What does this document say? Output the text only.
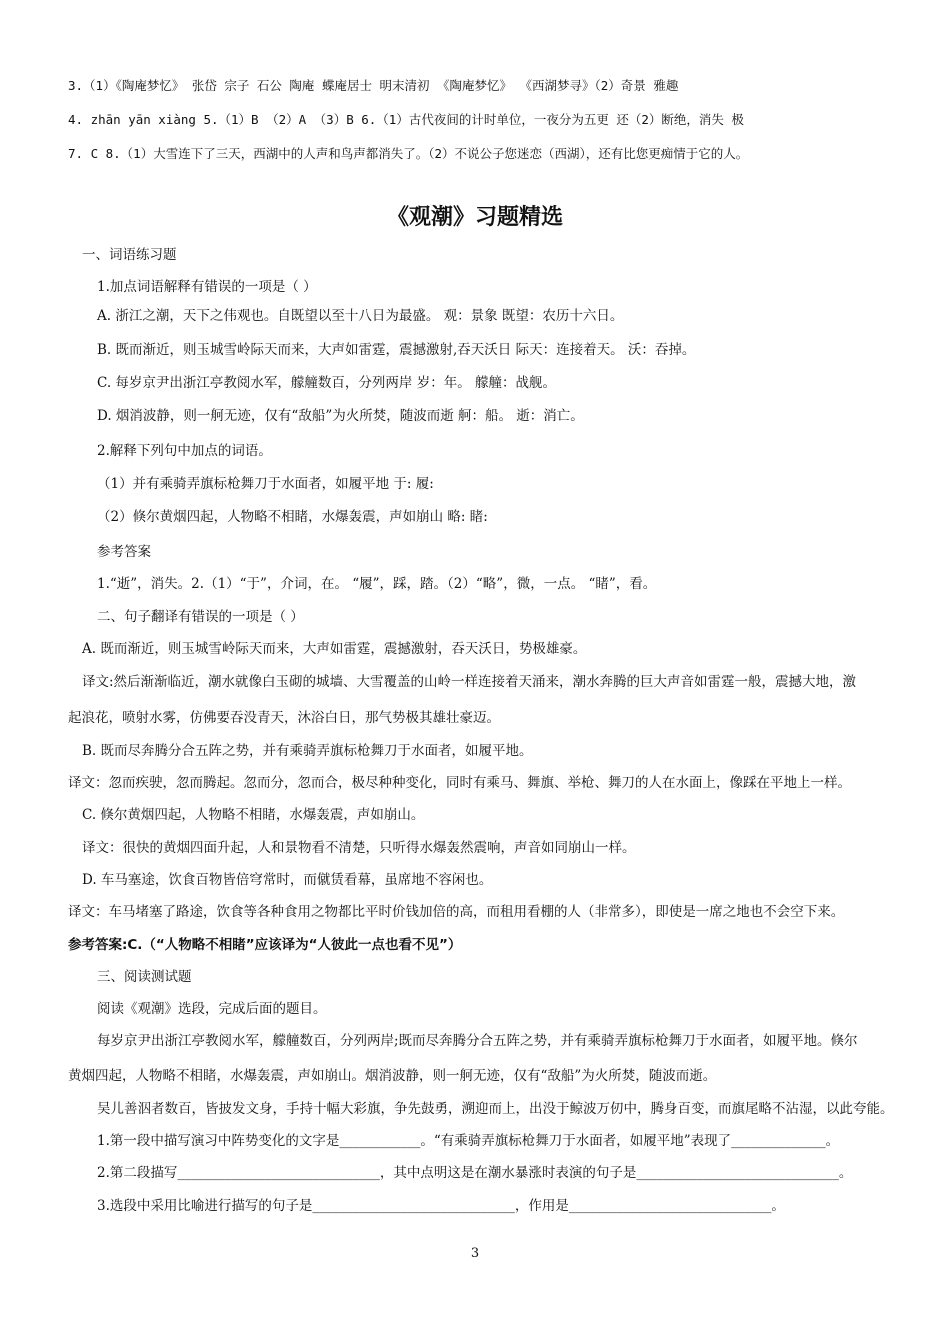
3.（1）《陶庵梦忆》 张岱 宗子 石公 陶庵 蝶庵居士 明末清初 《陶庵梦忆》 《西湖梦寻》（2）奇景 雅趣
4. zhān yān xiàng 5.（1）B （2）A （3）B 6.（1）古代夜间的计时单位，一夜分为五更 还（2）断绝，消失 极
7. C 8.（1）大雪连下了三天，西湖中的人声和鸟声都消失了。（2）不说公子您迷恋（西湖），还有比您更痴情于它的人。
《观潮》习题精选
一、词语练习题
1.加点词语解释有错误的一项是（ ）
A. 浙江之潮，天下之伟观也。自既望以至十八日为最盛。 观：景象 既望：农历十六日。
B. 既而渐近，则玉城雪岭际天而来，大声如雷霆，震撼激射,吞天沃日 际天：连接着天。 沃：吞掉。
C. 每岁京尹出浙江亭教阅水军，艨艟数百，分列两岸 岁：年。 艨艟：战舰。
D. 烟消波静，则一舸无迹，仅有“敌船”为火所焚，随波而逝 舸：船。 逝：消亡。
2.解释下列句中加点的词语。
（1）并有乘骑弄旗标枪舞刀于水面者，如履平地 于: 履:
（2）倏尔黄烟四起，人物略不相睹，水爆轰震，声如崩山 略: 睹:
参考答案
1.“逝”，消失。2.（1）“于”，介词，在。 “履”，踩，踏。（2）“略”，微，一点。 “睹”，看。
二、句子翻译有错误的一项是（ ）
A. 既而渐近，则玉城雪岭际天而来，大声如雷霆，震撼激射，吞天沃日，势极雄豪。
译文:然后渐渐临近，潮水就像白玉砌的城墙、大雪覆盖的山岭一样连接着天涌来，潮水奔腾的巨大声音如雷霆一般，震撼大地，激
起浪花，喷射水雾，仿佛要吞没青天，沐浴白日，那气势极其雄壮豪迈。
B. 既而尽奔腾分合五阵之势，并有乘骑弄旗标枪舞刀于水面者，如履平地。
译文：忽而疾驶，忽而腾起。忽而分，忽而合，极尽种种变化，同时有乘马、舞旗、举枪、舞刀的人在水面上，像踩在平地上一样。
C. 倏尔黄烟四起，人物略不相睹，水爆轰震，声如崩山。
译文：很快的黄烟四面升起，人和景物看不清楚，只听得水爆轰然震响，声音如同崩山一样。
D. 车马塞途，饮食百物皆倍穹常时，而僦赁看幕，虽席地不容闲也。
译文：车马堵塞了路途，饮食等各种食用之物都比平时价钱加倍的高，而租用看棚的人（非常多），即使是一席之地也不会空下来。
参考答案:C.（“人物略不相睹”应该译为“人彼此一点也看不见”）
三、阅读测试题
阅读《观潮》选段，完成后面的题目。
每岁京尹出浙江亭教阅水军，艨艟数百，分列两岸;既而尽奔腾分合五阵之势，并有乘骑弄旗标枪舞刀于水面者，如履平地。倏尔
黄烟四起，人物略不相睹，水爆轰震，声如崩山。烟消波静，则一舸无迹，仅有“敌船”为火所焚，随波而逝。
吴儿善泅者数百，皆披发文身，手持十幅大彩旗，争先鼓勇，溯迎而上，出没于鲸波万仞中，腾身百变，而旗尾略不沾湿，以此夸能。
1.第一段中描写演习中阵势变化的文字是____________。“有乘骑弄旗标枪舞刀于水面者，如履平地”表现了______________。
2.第二段描写______________________________，其中点明这是在潮水暴涨时表演的句子是______________________________。
3.选段中采用比喻进行描写的句子是______________________________，作用是______________________________。
3
